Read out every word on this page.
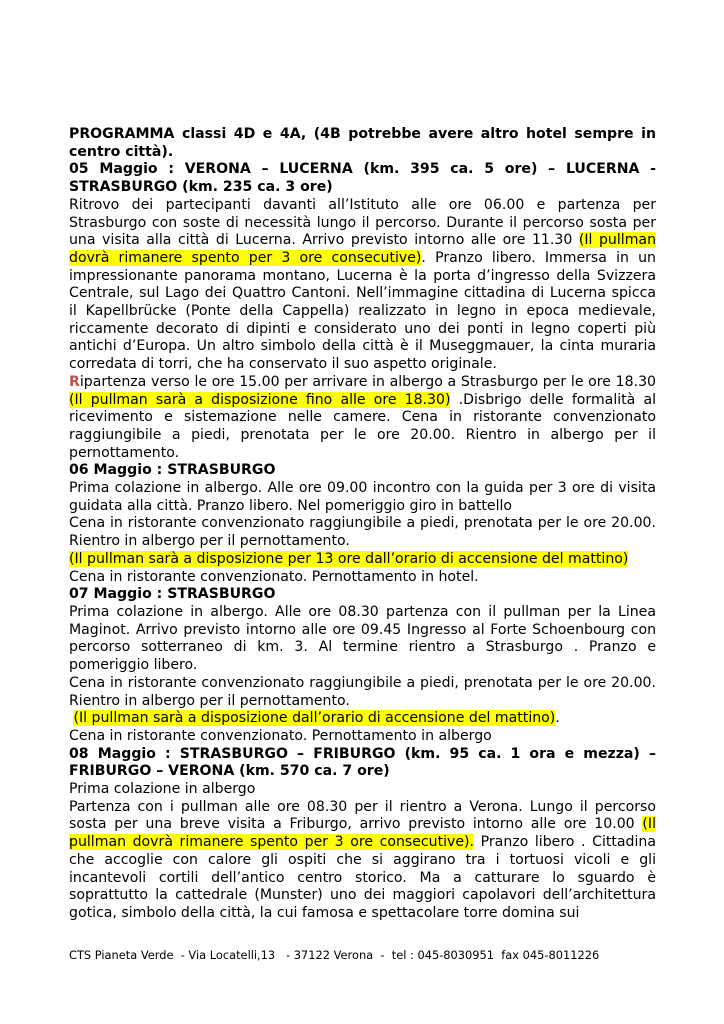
PROGRAMMA classi 4D e 4A, (4B potrebbe avere altro hotel sempre in centro città).

05 Maggio : VERONA – LUCERNA (km. 395 ca. 5 ore) – LUCERNA - STRASBURGO (km. 235 ca. 3 ore)

Ritrovo dei partecipanti davanti all’Istituto alle ore 06.00 e partenza per Strasburgo con soste di necessità lungo il percorso. Durante il percorso sosta per una visita alla città di Lucerna. Arrivo previsto intorno alle ore 11.30 (Il pullman dovrà rimanere spento per 3 ore consecutive). Pranzo libero. Immersa in un impressionante panorama montano, Lucerna è la porta d’ingresso della Svizzera Centrale, sul Lago dei Quattro Cantoni. Nell’immagine cittadina di Lucerna spicca il Kapellbrücke (Ponte della Cappella) realizzato in legno in epoca medievale, riccamente decorato di dipinti e considerato uno dei ponti in legno coperti più antichi d’Europa. Un altro simbolo della città è il Museggmauer, la cinta muraria corredata di torri, che ha conservato il suo aspetto originale.

Ripartenza verso le ore 15.00 per arrivare in albergo a Strasburgo per le ore 18.30 (Il pullman sarà a disposizione fino alle ore 18.30) .Disbrigo delle formalità al ricevimento e sistemazione nelle camere. Cena in ristorante convenzionato raggiungibile a piedi, prenotata per le ore 20.00. Rientro in albergo per il pernottamento.

06 Maggio : STRASBURGO

Prima colazione in albergo. Alle ore 09.00 incontro con la guida per 3 ore di visita guidata alla città. Pranzo libero. Nel pomeriggio giro in battello

Cena in ristorante convenzionato raggiungibile a piedi, prenotata per le ore 20.00. Rientro in albergo per il pernottamento.

(Il pullman sarà a disposizione per 13 ore dall’orario di accensione del mattino)

Cena in ristorante convenzionato. Pernottamento in hotel.

07 Maggio : STRASBURGO

Prima colazione in albergo. Alle ore 08.30 partenza con il pullman per la Linea Maginot. Arrivo previsto intorno alle ore 09.45 Ingresso al Forte Schoenbourg con percorso sotterraneo di km. 3. Al termine rientro a Strasburgo . Pranzo e pomeriggio libero.

Cena in ristorante convenzionato raggiungibile a piedi, prenotata per le ore 20.00. Rientro in albergo per il pernottamento.

(Il pullman sarà a disposizione dall’orario di accensione del mattino).

Cena in ristorante convenzionato. Pernottamento in albergo

08 Maggio : STRASBURGO – FRIBURGO (km. 95 ca. 1 ora e mezza) – FRIBURGO – VERONA (km. 570 ca. 7 ore)

Prima colazione in albergo

Partenza con i pullman alle ore 08.30 per il rientro a Verona. Lungo il percorso sosta per una breve visita a Friburgo, arrivo previsto intorno alle ore 10.00 (Il pullman dovrà rimanere spento per 3 ore consecutive). Pranzo libero . Cittadina che accoglie con calore gli ospiti che si aggirano tra i tortuosi vicoli e gli incantevoli cortili dell’antico centro storico. Ma a catturare lo sguardo è soprattutto la cattedrale (Munster) uno dei maggiori capolavori dell’architettura gotica, simbolo della città, la cui famosa e spettacolare torre domina sui

CTS Pianeta Verde  - Via Locatelli,13   - 37122 Verona  -  tel : 045-8030951  fax 045-8011226
